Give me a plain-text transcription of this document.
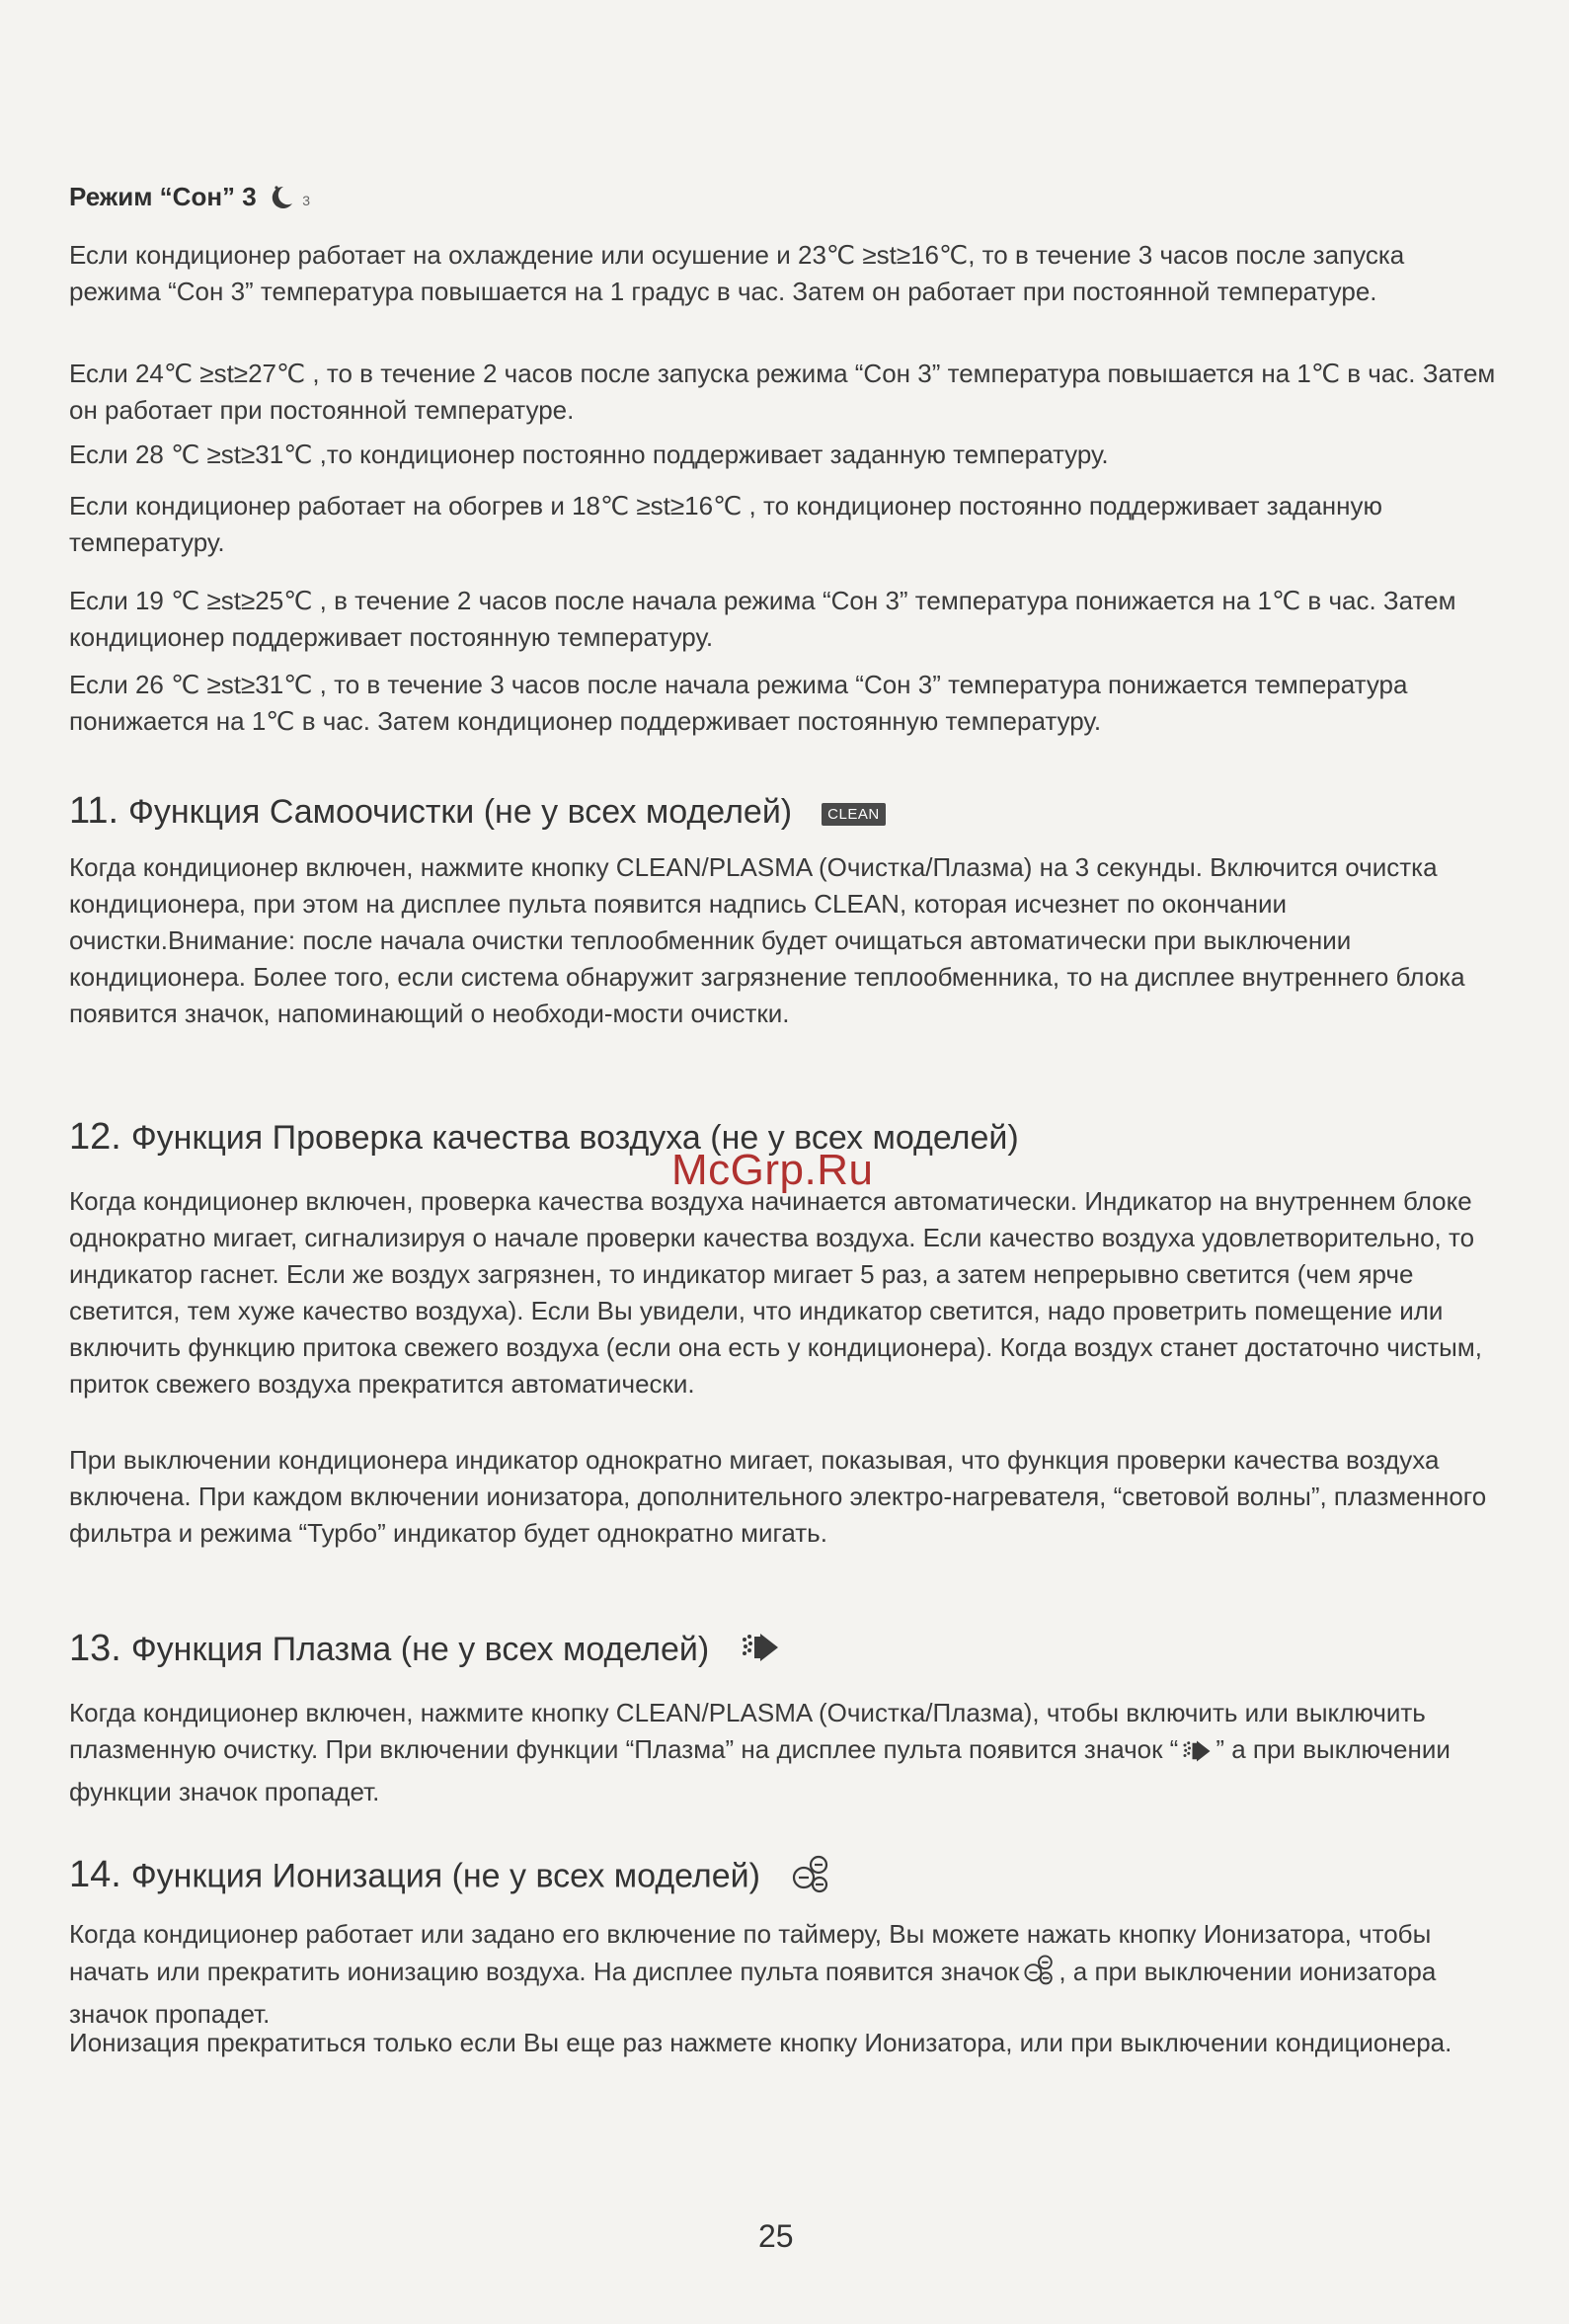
Режим “Сон” 3	3

Если кондиционер работает на охлаждение или осушение и 23℃ ≥st≥16℃, то в течение 3 часов после запуска режима “Сон 3” температура повышается на 1 градус в час. Затем он работает при постоянной температуре.

Если 24℃ ≥st≥27℃ , то в течение 2 часов после запуска режима “Сон 3” температура повышается на 1℃ в час. Затем он работает при постоянной температуре.

Если 28 ℃ ≥st≥31℃ ,то кондиционер постоянно поддерживает заданную температуру.

Если кондиционер работает на обогрев и 18℃ ≥st≥16℃ , то кондиционер постоянно поддерживает заданную температуру.

Если 19 ℃ ≥st≥25℃ , в течение 2 часов после начала режима “Сон 3” температура понижается на 1℃ в час. Затем кондиционер поддерживает постоянную температуру.

Если 26 ℃ ≥st≥31℃ , то в течение 3 часов после начала режима “Сон 3” температура понижается температура понижается на 1℃ в час. Затем кондиционер поддерживает постоянную температуру.

11. Функция Самоочистки (не у всех моделей) CLEAN

Когда кондиционер включен, нажмите кнопку CLEAN/PLASMA (Очистка/Плазма) на 3 секунды. Включится очистка кондиционера, при этом на дисплее пульта появится надпись CLEAN, которая исчезнет по окончании очистки.Внимание: после начала очистки теплообменник будет очищаться автоматически при выключении кондиционера. Более того, если система обнаружит загрязнение теплообменника, то на дисплее внутреннего блока появится значок, напоминающий о необходи-мости очистки.

12. Функция Проверка качества воздуха (не у всех моделей)

Когда кондиционер включен, проверка качества воздуха начинается автоматически. Индикатор на внутреннем блоке однократно мигает, сигнализируя о начале проверки качества воздуха. Если качество воздуха удовлетворительно, то индикатор гаснет. Если же воздух загрязнен, то индикатор мигает 5 раз, а затем непрерывно светится (чем ярче светится, тем хуже качество воздуха). Если Вы увидели, что индикатор светится, надо проветрить помещение или включить функцию притока свежего воздуха (если она есть у кондиционера). Когда воздух станет достаточно чистым, приток свежего воздуха прекратится автоматически.

При выключении кондиционера индикатор однократно мигает, показывая, что функция проверки качества воздуха включена. При каждом включении ионизатора, дополнительного электро-нагревателя, “световой волны”, плазменного фильтра и режима “Турбо” индикатор будет однократно мигать.

McGrp.Ru
13. Функция Плазма (не у всех моделей)

Когда кондиционер включен, нажмите кнопку CLEAN/PLASMA (Очистка/Плазма), чтобы включить или выключить плазменную очистку. При включении функции “Плазма” на дисплее пульта появится значок “ ” а при выключении функции значок пропадет.

14. Функция Ионизация (не у всех моделей)

Когда кондиционер работает или задано его включение по таймеру, Вы можете нажать кнопку Ионизатора, чтобы начать или прекратить ионизацию воздуха. На дисплее пульта появится значок , а при выключении ионизатора значок пропадет.

Ионизация прекратиться только если Вы еще раз нажмете кнопку Ионизатора, или при выключении кондиционера.

25
